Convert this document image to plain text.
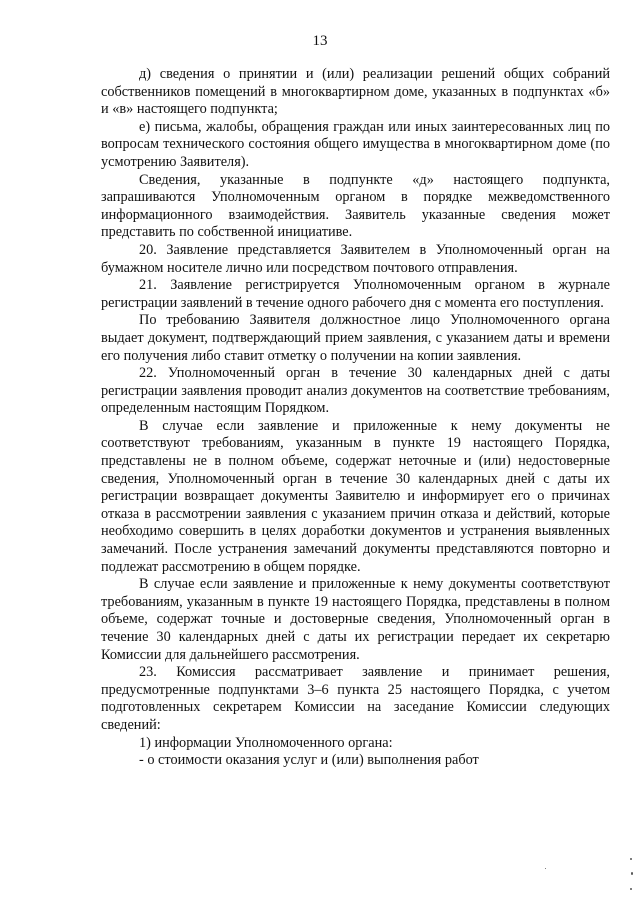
13

д) сведения о принятии и (или) реализации решений общих собраний собственников помещений в многоквартирном доме, указанных в подпунктах «б» и «в» настоящего подпункта;

е) письма, жалобы, обращения граждан или иных заинтересованных лиц по вопросам технического состояния общего имущества в многоквартирном доме (по усмотрению Заявителя).

Сведения, указанные в подпункте «д» настоящего подпункта, запрашиваются Уполномоченным органом в порядке межведомственного информационного взаимодействия. Заявитель указанные сведения может представить по собственной инициативе.

20. Заявление представляется Заявителем в Уполномоченный орган на бумажном носителе лично или посредством почтового отправления.

21. Заявление регистрируется Уполномоченным органом в журнале регистрации заявлений в течение одного рабочего дня с момента его поступления.

По требованию Заявителя должностное лицо Уполномоченного органа выдает документ, подтверждающий прием заявления, с указанием даты и времени его получения либо ставит отметку о получении на копии заявления.

22. Уполномоченный орган в течение 30 календарных дней с даты регистрации заявления проводит анализ документов на соответствие требованиям, определенным настоящим Порядком.

В случае если заявление и приложенные к нему документы не соответствуют требованиям, указанным в пункте 19 настоящего Порядка, представлены не в полном объеме, содержат неточные и (или) недостоверные сведения, Уполномоченный орган в течение 30 календарных дней с даты их регистрации возвращает документы Заявителю и информирует его о причинах отказа в рассмотрении заявления с указанием причин отказа и действий, которые необходимо совершить в целях доработки документов и устранения выявленных замечаний. После устранения замечаний документы представляются повторно и подлежат рассмотрению в общем порядке.

В случае если заявление и приложенные к нему документы соответствуют требованиям, указанным в пункте 19 настоящего Порядка, представлены в полном объеме, содержат точные и достоверные сведения, Уполномоченный орган в течение 30 календарных дней с даты их регистрации передает их секретарю Комиссии для дальнейшего рассмотрения.

23. Комиссия рассматривает заявление и принимает решения, предусмотренные подпунктами 3–6 пункта 25 настоящего Порядка, с учетом подготовленных секретарем Комиссии на заседание Комиссии следующих сведений:

1) информации Уполномоченного органа:

- о стоимости оказания услуг и (или) выполнения работ
